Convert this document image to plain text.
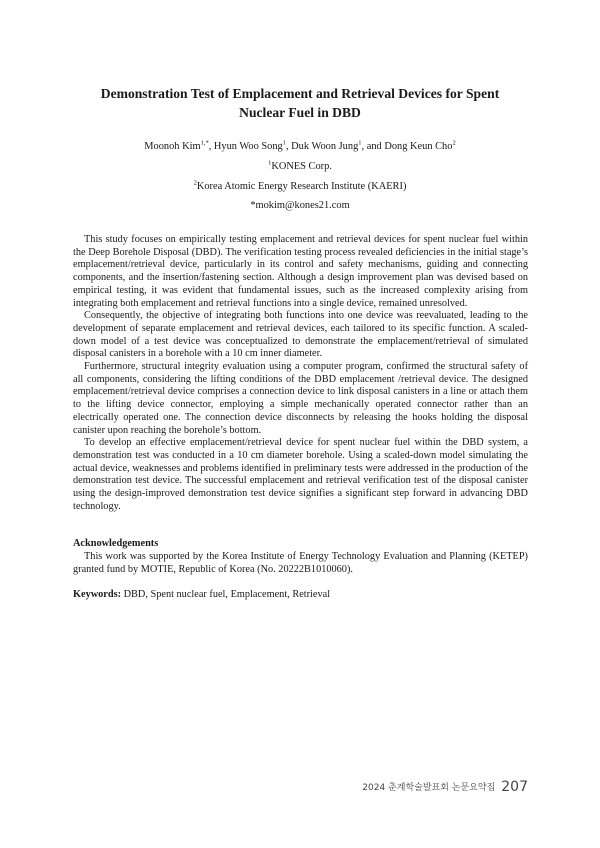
Demonstration Test of Emplacement and Retrieval Devices for Spent
Nuclear Fuel in DBD
Moonoh Kim$^{1,*}$, Hyun Woo Song$^1$, Duk Woon Jung$^1$, and Dong Keun Cho$^2$
$^1$KONES Corp.
$^2$Korea Atomic Energy Research Institute (KAERI)
*mokim@kones21.com

This study focuses on empirically testing emplacement and retrieval devices for spent nuclear fuel within the Deep Borehole Disposal (DBD). The verification testing process revealed deficiencies in the initial stage’s emplacement/retrieval device, particularly in its control and safety mechanisms, guiding and connecting components, and the insertion/fastening section. Although a design improvement plan was devised based on empirical testing, it was evident that fundamental issues, such as the increased complexity arising from integrating both emplacement and retrieval functions into a single device, remained unresolved.

Consequently, the objective of integrating both functions into one device was reevaluated, leading to the development of separate emplacement and retrieval devices, each tailored to its specific function. A scaled-down model of a test device was conceptualized to demonstrate the emplacement/retrieval of simulated disposal canisters in a borehole with a 10 cm inner diameter.

Furthermore, structural integrity evaluation using a computer program, confirmed the structural safety of all components, considering the lifting conditions of the DBD emplacement /retrieval device. The designed emplacement/retrieval device comprises a connection device to link disposal canisters in a line or attach them to the lifting device connector, employing a simple mechanically operated connector rather than an electrically operated one. The connection device disconnects by releasing the hooks holding the disposal canister upon reaching the borehole’s bottom.

To develop an effective emplacement/retrieval device for spent nuclear fuel within the DBD system, a demonstration test was conducted in a 10 cm diameter borehole. Using a scaled-down model simulating the actual device, weaknesses and problems identified in preliminary tests were addressed in the production of the demonstration test device. The successful emplacement and retrieval verification test of the disposal canister using the design-improved demonstration test device signifies a significant step forward in advancing DBD technology.

Acknowledgements

This work was supported by the Korea Institute of Energy Technology Evaluation and Planning (KETEP) granted fund by MOTIE, Republic of Korea (No. 20222B1010060).

Keywords: DBD, Spent nuclear fuel, Emplacement, Retrieval
2024 춘계학술발표회 논문요약집 207
